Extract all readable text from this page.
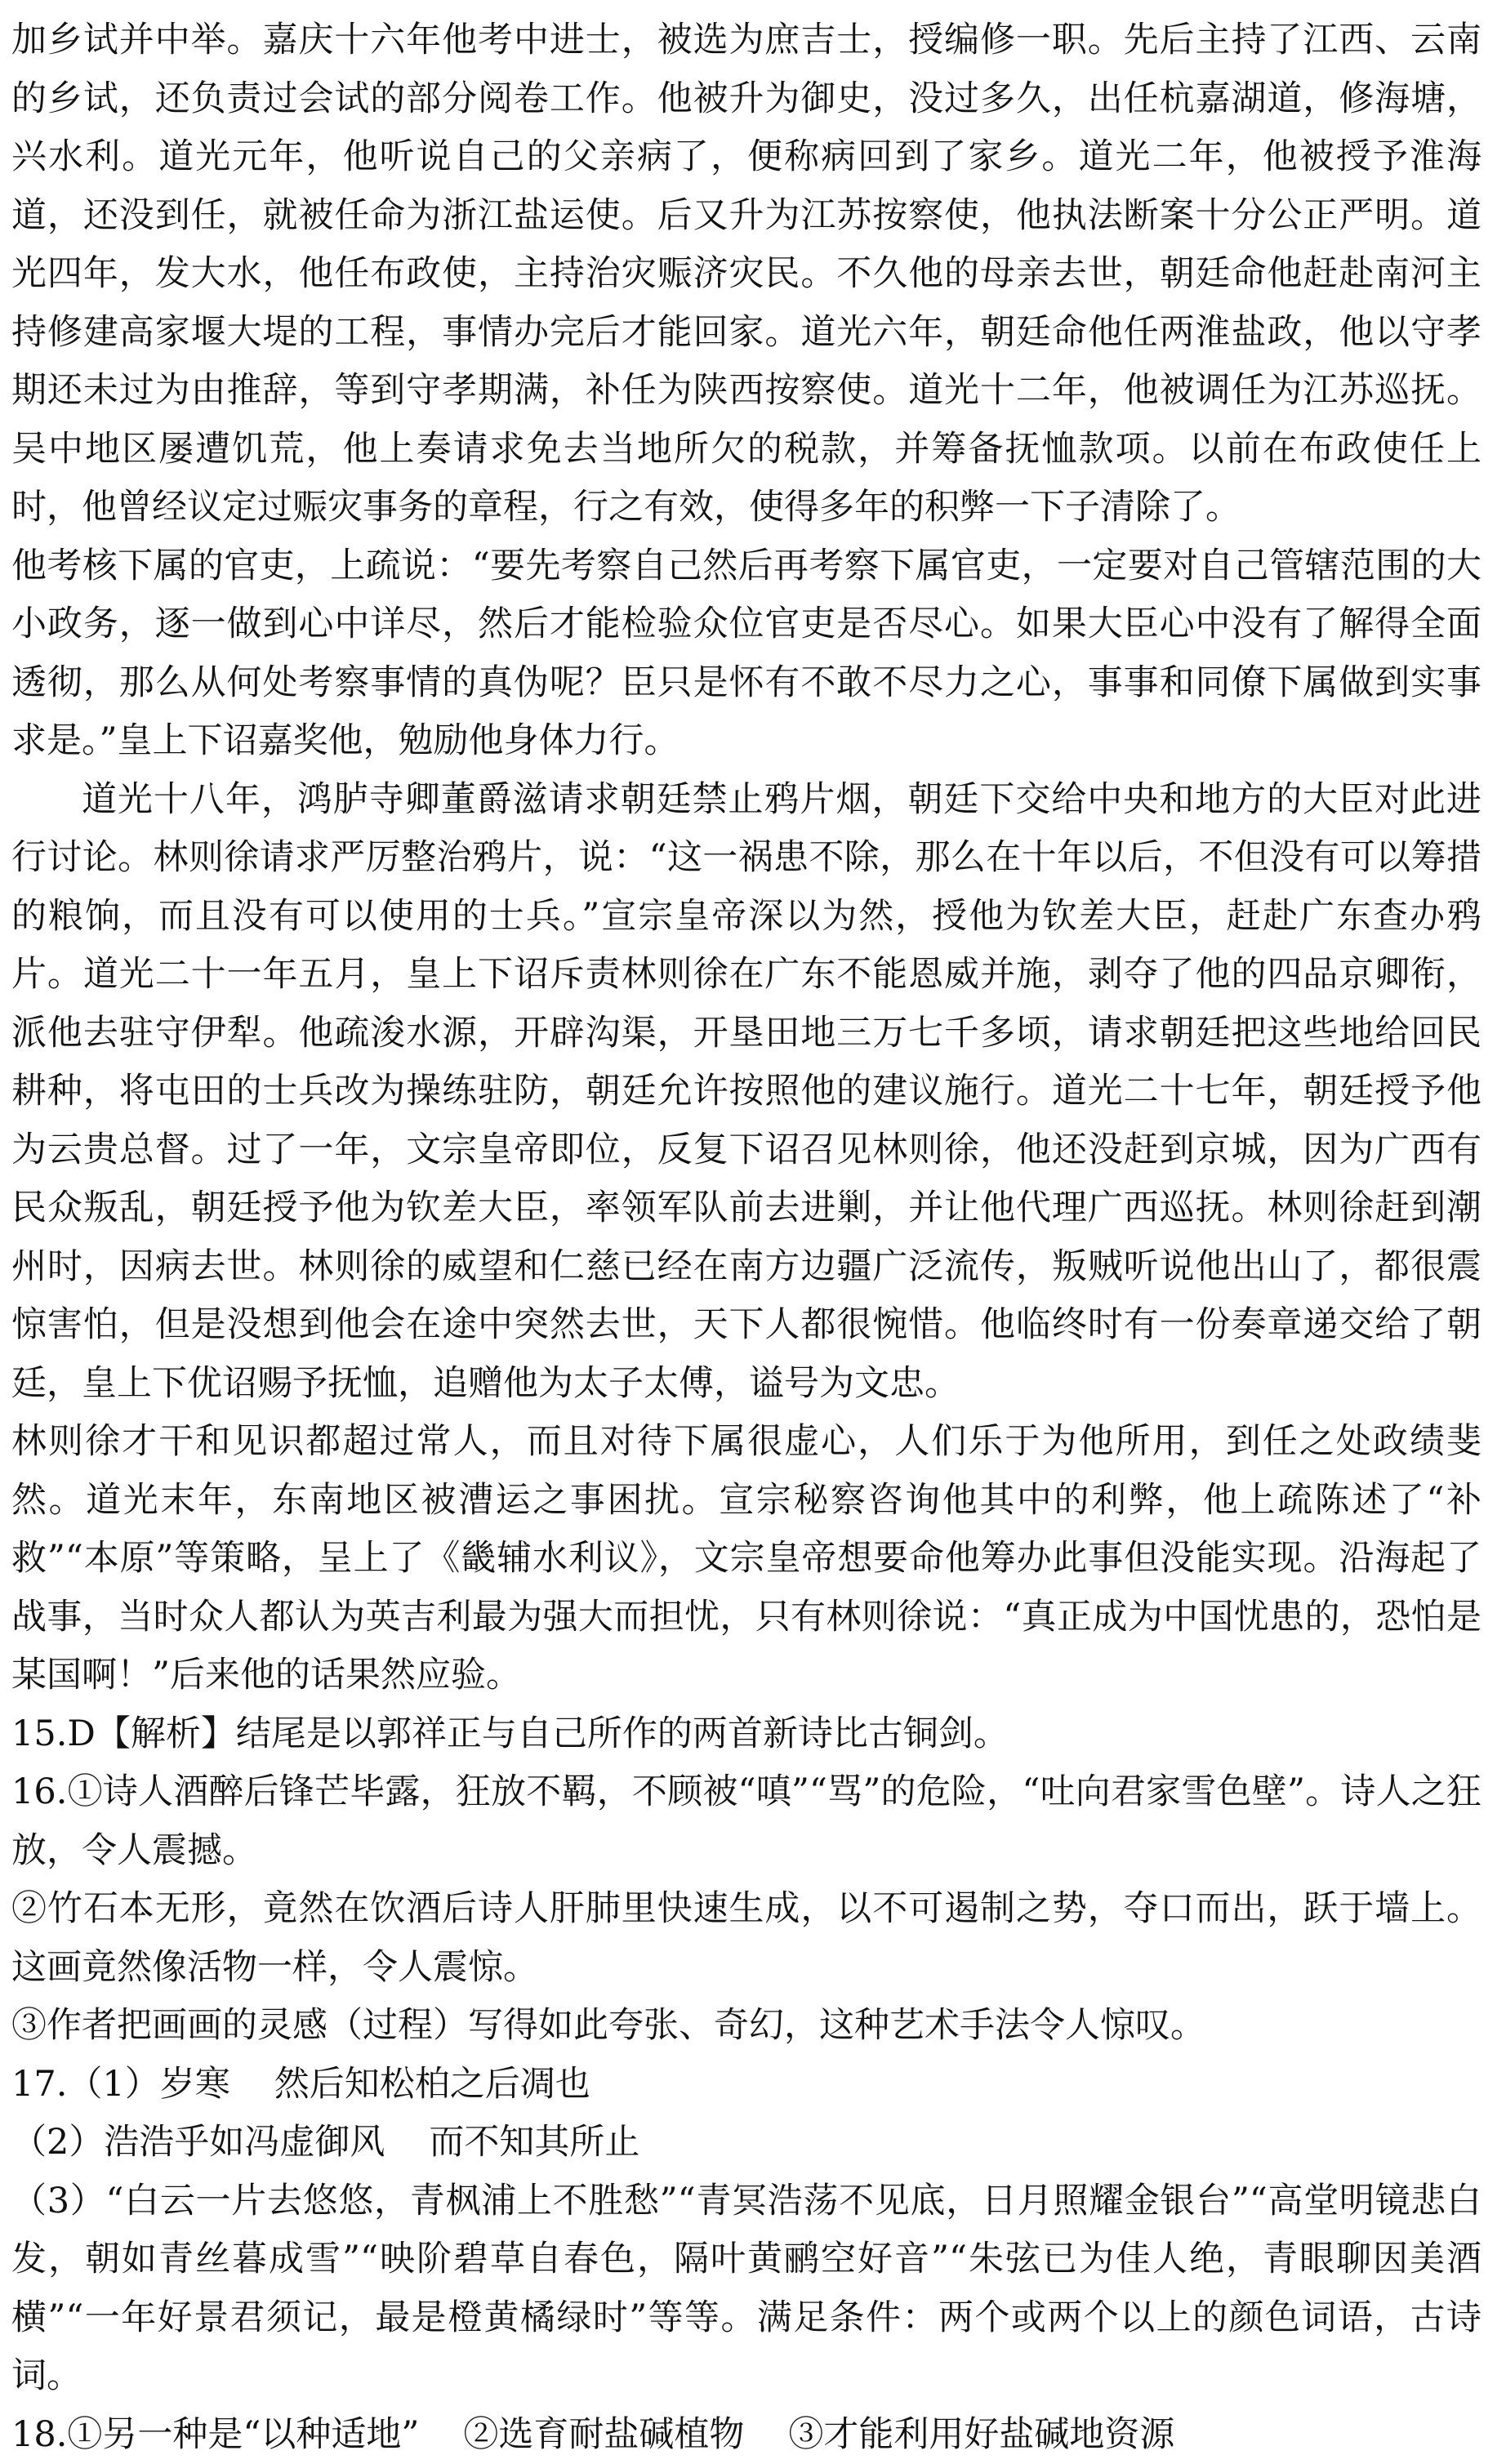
加乡试并中举。嘉庆十六年他考中进士，被选为庶吉士，授编修一职。先后主持了江西、云南的乡试，还负责过会试的部分阅卷工作。他被升为御史，没过多久，出任杭嘉湖道，修海塘，兴水利。道光元年，他听说自己的父亲病了，便称病回到了家乡。道光二年，他被授予淮海道，还没到任，就被任命为浙江盐运使。后又升为江苏按察使，他执法断案十分公正严明。道光四年，发大水，他任布政使，主持治灾赈济灾民。不久他的母亲去世，朝廷命他赶赴南河主持修建高家堰大堤的工程，事情办完后才能回家。道光六年，朝廷命他任两淮盐政，他以守孝期还未过为由推辞，等到守孝期满，补任为陕西按察使。道光十二年，他被调任为江苏巡抚。吴中地区屡遭饥荒，他上奏请求免去当地所欠的税款，并筹备抚恤款项。以前在布政使任上时，他曾经议定过赈灾事务的章程，行之有效，使得多年的积弊一下子清除了。

他考核下属的官吏，上疏说：“要先考察自己然后再考察下属官吏，一定要对自己管辖范围的大小政务，逐一做到心中详尽，然后才能检验众位官吏是否尽心。如果大臣心中没有了解得全面透彻，那么从何处考察事情的真伪呢？臣只是怀有不敢不尽力之心，事事和同僚下属做到实事求是。”皇上下诏嘉奖他，勉励他身体力行。

道光十八年，鸿胪寺卿董爵滋请求朝廷禁止鸦片烟，朝廷下交给中央和地方的大臣对此进行讨论。林则徐请求严厉整治鸦片，说：“这一祸患不除，那么在十年以后，不但没有可以筹措的粮饷，而且没有可以使用的士兵。”宣宗皇帝深以为然，授他为钦差大臣，赶赴广东查办鸦片。道光二十一年五月，皇上下诏斥责林则徐在广东不能恩威并施，剥夺了他的四品京卿衔，派他去驻守伊犁。他疏浚水源，开辟沟渠，开垦田地三万七千多顷，请求朝廷把这些地给回民耕种，将屯田的士兵改为操练驻防，朝廷允许按照他的建议施行。道光二十七年，朝廷授予他为云贵总督。过了一年，文宗皇帝即位，反复下诏召见林则徐，他还没赶到京城，因为广西有民众叛乱，朝廷授予他为钦差大臣，率领军队前去进剿，并让他代理广西巡抚。林则徐赶到潮州时，因病去世。林则徐的威望和仁慈已经在南方边疆广泛流传，叛贼听说他出山了，都很震惊害怕，但是没想到他会在途中突然去世，天下人都很惋惜。他临终时有一份奏章递交给了朝廷，皇上下优诏赐予抚恤，追赠他为太子太傅，谥号为文忠。

林则徐才干和见识都超过常人，而且对待下属很虚心，人们乐于为他所用，到任之处政绩斐然。道光末年，东南地区被漕运之事困扰。宣宗秘察咨询他其中的利弊，他上疏陈述了“补救”“本原”等策略，呈上了《畿辅水利议》，文宗皇帝想要命他筹办此事但没能实现。沿海起了战事，当时众人都认为英吉利最为强大而担忧，只有林则徐说：“真正成为中国忧患的，恐怕是某国啊！”后来他的话果然应验。

15.D【解析】结尾是以郭祥正与自己所作的两首新诗比古铜剑。

16.①诗人酒醉后锋芒毕露，狂放不羁，不顾被“嗔”“骂”的危险，“吐向君家雪色壁”。诗人之狂放，令人震撼。

②竹石本无形，竟然在饮酒后诗人肝肺里快速生成，以不可遏制之势，夺口而出，跃于墙上。这画竟然像活物一样，令人震惊。

③作者把画画的灵感（过程）写得如此夸张、奇幻，这种艺术手法令人惊叹。

17.（1）岁寒 然后知松柏之后凋也

（2）浩浩乎如冯虚御风 而不知其所止

（3）“白云一片去悠悠，青枫浦上不胜愁”“青冥浩荡不见底，日月照耀金银台”“高堂明镜悲白发，朝如青丝暮成雪”“映阶碧草自春色，隔叶黄鹂空好音”“朱弦已为佳人绝，青眼聊因美酒横”“一年好景君须记，最是橙黄橘绿时”等等。满足条件：两个或两个以上的颜色词语，古诗词。

18.①另一种是“以种适地” ②选育耐盐碱植物 ③才能利用好盐碱地资源
